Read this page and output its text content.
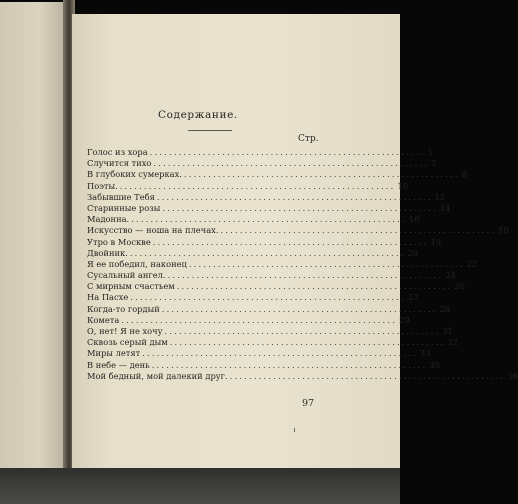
Содержание.
Стр.
Голос из хора ......................................................... 5
Случится тихо ......................................................... 7
В глубоких сумерках. ......................................................... 8
Поэты. ......................................................... 10
Забывшие Тебя ......................................................... 12
Старинные розы ......................................................... 14
Мадонна. ......................................................... 16
Искусство — ноша на плечах. ......................................................... 18
Утро в Москве ......................................................... 19
Двойник. ......................................................... 20
Я ее победил, наконец ......................................................... 22
Сусальный ангел. ......................................................... 24
С мирным счастьем ......................................................... 26
На Пасхе ......................................................... 27
Когда-то гордый ......................................................... 28
Комета ......................................................... 29
О, нет! Я не хочу ......................................................... 31
Сквозь серый дым ......................................................... 32
Миры летят ......................................................... 33
В небе — день ......................................................... 35
Мой бедный, мой далекий друг. ......................................................... 36
97
